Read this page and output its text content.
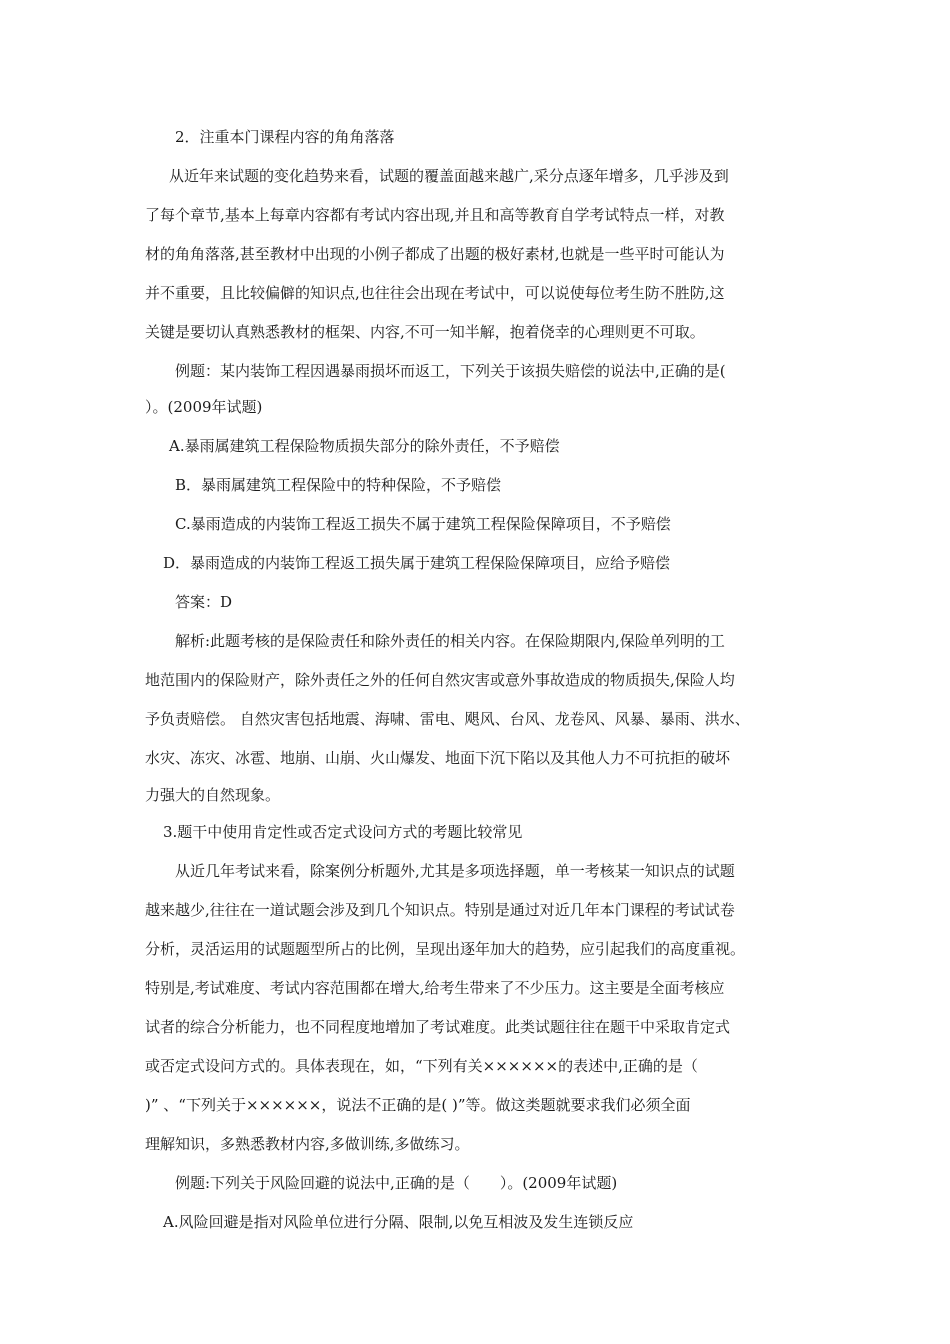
2．注重本门课程内容的角角落落
从近年来试题的变化趋势来看，试题的覆盖面越来越广,采分点逐年增多，几乎涉及到
了每个章节,基本上每章内容都有考试内容出现,并且和高等教育自学考试特点一样，对教
材的角角落落,甚至教材中出现的小例子都成了出题的极好素材,也就是一些平时可能认为
并不重要，且比较偏僻的知识点,也往往会出现在考试中，可以说使每位考生防不胜防,这
关键是要切认真熟悉教材的框架、内容,不可一知半解，抱着侥幸的心理则更不可取。
例题：某内装饰工程因遇暴雨损坏而返工，下列关于该损失赔偿的说法中,正确的是(
）。(2009年试题)
A.暴雨属建筑工程保险物质损失部分的除外责任，不予赔偿
B．暴雨属建筑工程保险中的特种保险，不予赔偿
C.暴雨造成的内装饰工程返工损失不属于建筑工程保险保障项目，不予赔偿
D．暴雨造成的内装饰工程返工损失属于建筑工程保险保障项目，应给予赔偿
答案：D
解析:此题考核的是保险责任和除外责任的相关内容。在保险期限内,保险单列明的工
地范围内的保险财产，除外责任之外的任何自然灾害或意外事故造成的物质损失,保险人均
予负责赔偿。 自然灾害包括地震、海啸、雷电、飓风、台风、龙卷风、风暴、暴雨、洪水、
水灾、冻灾、冰雹、地崩、山崩、火山爆发、地面下沉下陷以及其他人力不可抗拒的破坏
力强大的自然现象。
3.题干中使用肯定性或否定式设问方式的考题比较常见
从近几年考试来看，除案例分析题外,尤其是多项选择题，单一考核某一知识点的试题
越来越少,往往在一道试题会涉及到几个知识点。特别是通过对近几年本门课程的考试试卷
分析，灵活运用的试题题型所占的比例，呈现出逐年加大的趋势，应引起我们的高度重视。
特别是,考试难度、考试内容范围都在增大,给考生带来了不少压力。这主要是全面考核应
试者的综合分析能力，也不同程度地增加了考试难度。此类试题往往在题干中采取肯定式
或否定式设问方式的。具体表现在，如，“下列有关××××××的表述中,正确的是（
)” 、“下列关于××××××，说法不正确的是( )”等。做这类题就要求我们必须全面
理解知识，多熟悉教材内容,多做训练,多做练习。
例题:下列关于风险回避的说法中,正确的是（　　）。(2009年试题)
A.风险回避是指对风险单位进行分隔、限制,以免互相波及发生连锁反应
